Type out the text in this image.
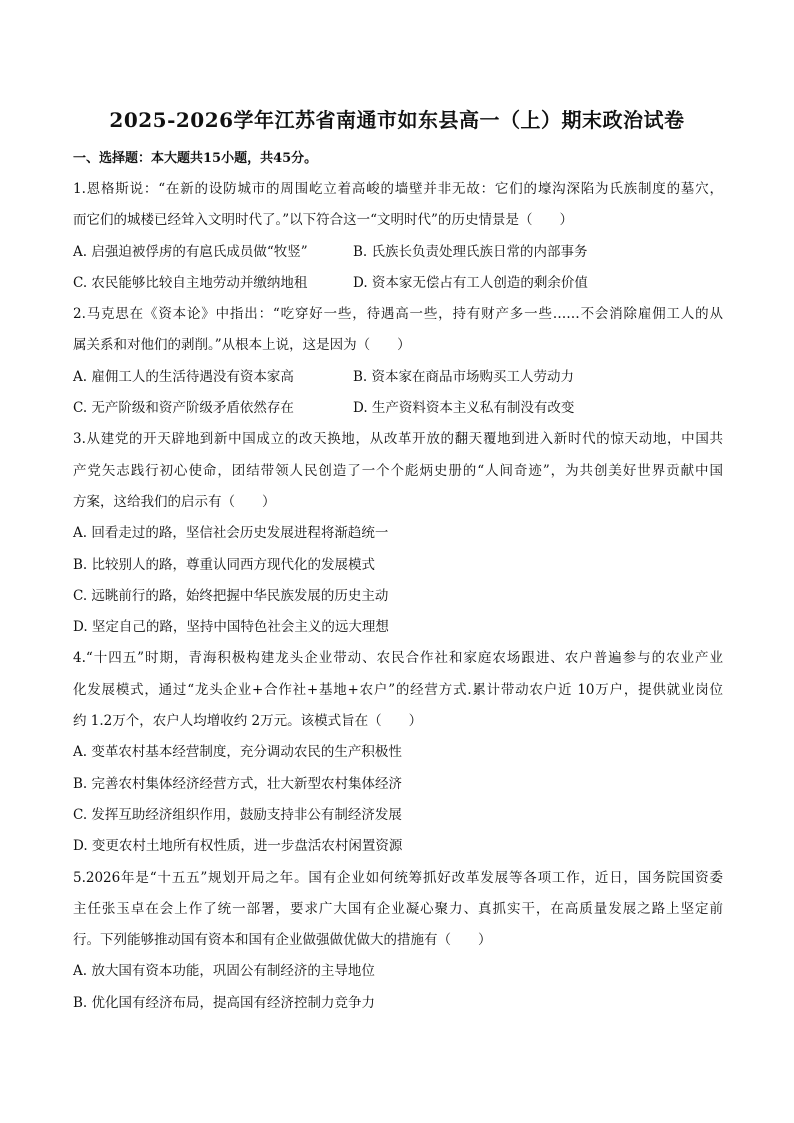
2025-2026学年江苏省南通市如东县高一（上）期末政治试卷
一、选择题：本大题共15小题，共45分。
1.恩格斯说：“在新的设防城市的周围屹立着高峻的墙壁并非无故：它们的壕沟深陷为氏族制度的墓穴，
而它们的城楼已经耸入文明时代了。”以下符合这一“文明时代”的历史情景是（　　）
A. 启强迫被俘虏的有扈氏成员做“牧竖”	B. 氏族长负责处理氏族日常的内部事务
C. 农民能够比较自主地劳动并缴纳地租	D. 资本家无偿占有工人创造的剩余价值
2.马克思在《资本论》中指出：“吃穿好一些，待遇高一些，持有财产多一些……不会消除雇佣工人的从
属关系和对他们的剥削。”从根本上说，这是因为（　　）
A. 雇佣工人的生活待遇没有资本家高	B. 资本家在商品市场购买工人劳动力
C. 无产阶级和资产阶级矛盾依然存在	D. 生产资料资本主义私有制没有改变
3.从建党的开天辟地到新中国成立的改天换地，从改革开放的翻天覆地到进入新时代的惊天动地，中国共
产党矢志践行初心使命，团结带领人民创造了一个个彪炳史册的“人间奇迹”，为共创美好世界贡献中国
方案，这给我们的启示有（　　）
A. 回看走过的路，坚信社会历史发展进程将渐趋统一
B. 比较别人的路，尊重认同西方现代化的发展模式
C. 远眺前行的路，始终把握中华民族发展的历史主动
D. 坚定自己的路，坚持中国特色社会主义的远大理想
4.“十四五”时期，青海积极构建龙头企业带动、农民合作社和家庭农场跟进、农户普遍参与的农业产业
化发展模式，通过“龙头企业+合作社+基地+农户”的经营方式.累计带动农户近 10万户，提供就业岗位
约 1.2万个，农户人均增收约 2万元。该模式旨在（　　）
A. 变革农村基本经营制度，充分调动农民的生产积极性
B. 完善农村集体经济经营方式，壮大新型农村集体经济
C. 发挥互助经济组织作用，鼓励支持非公有制经济发展
D. 变更农村土地所有权性质，进一步盘活农村闲置资源
5.2026年是“十五五”规划开局之年。国有企业如何统筹抓好改革发展等各项工作，近日，国务院国资委
主任张玉卓在会上作了统一部署，要求广大国有企业凝心聚力、真抓实干，在高质量发展之路上坚定前
行。下列能够推动国有资本和国有企业做强做优做大的措施有（　　）
A. 放大国有资本功能，巩固公有制经济的主导地位
B. 优化国有经济布局，提高国有经济控制力竞争力
